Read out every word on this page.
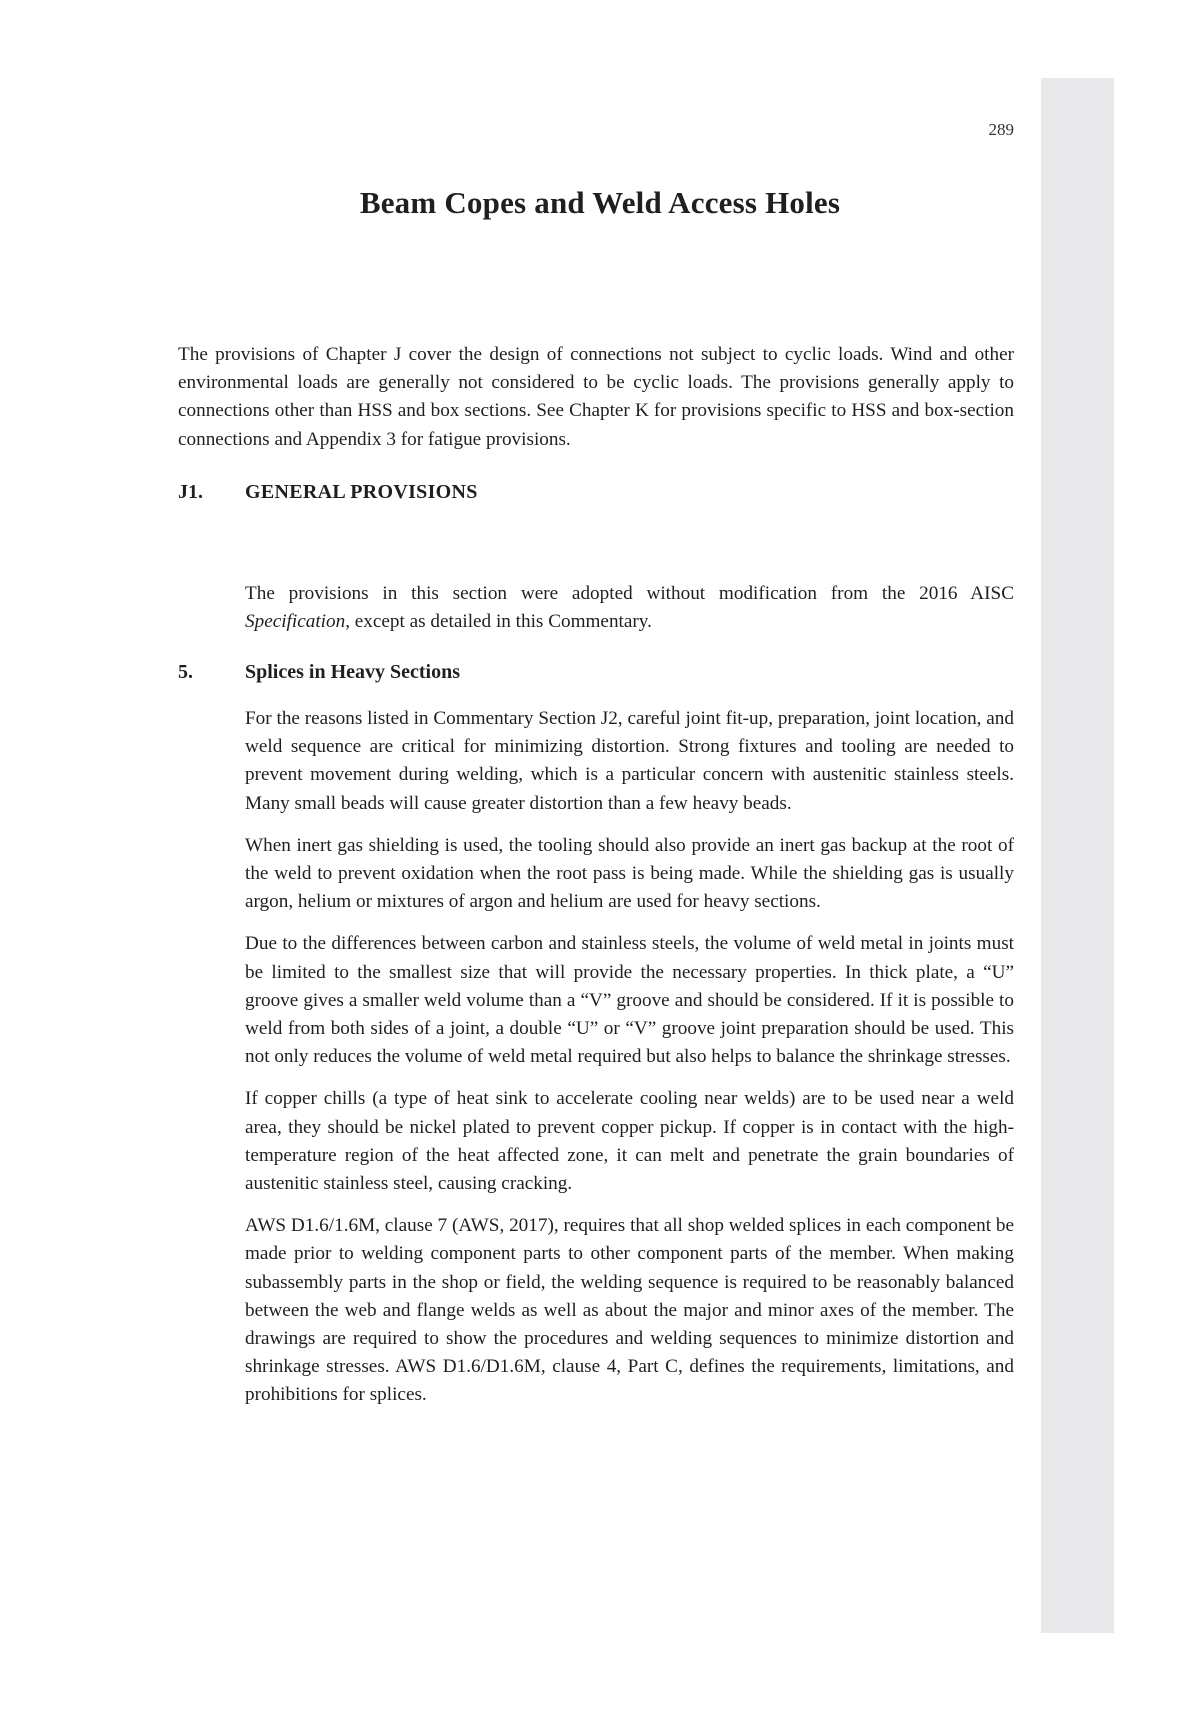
289
Beam Copes and Weld Access Holes

The provisions of Chapter J cover the design of connections not subject to cyclic loads. Wind and other environmental loads are generally not considered to be cyclic loads. The provisions generally apply to connections other than HSS and box sections. See Chapter K for provisions specific to HSS and box-section connections and Appendix 3 for fatigue provisions.

J1. GENERAL PROVISIONS

The provisions in this section were adopted without modification from the 2016 AISC Specification, except as detailed in this Commentary.

5.	Splices in Heavy Sections

For the reasons listed in Commentary Section J2, careful joint fit-up, preparation, joint location, and weld sequence are critical for minimizing distortion. Strong fixtures and tooling are needed to prevent movement during welding, which is a particular concern with austenitic stainless steels. Many small beads will cause greater distortion than a few heavy beads.

When inert gas shielding is used, the tooling should also provide an inert gas backup at the root of the weld to prevent oxidation when the root pass is being made. While the shielding gas is usually argon, helium or mixtures of argon and helium are used for heavy sections.

Due to the differences between carbon and stainless steels, the volume of weld metal in joints must be limited to the smallest size that will provide the necessary properties. In thick plate, a “U” groove gives a smaller weld volume than a “V” groove and should be considered. If it is possible to weld from both sides of a joint, a double “U” or “V” groove joint preparation should be used. This not only reduces the volume of weld metal required but also helps to balance the shrinkage stresses.

If copper chills (a type of heat sink to accelerate cooling near welds) are to be used near a weld area, they should be nickel plated to prevent copper pickup. If copper is in contact with the high-temperature region of the heat affected zone, it can melt and penetrate the grain boundaries of austenitic stainless steel, causing cracking.

AWS D1.6/1.6M, clause 7 (AWS, 2017), requires that all shop welded splices in each component be made prior to welding component parts to other component parts of the member. When making subassembly parts in the shop or field, the welding sequence is required to be reasonably balanced between the web and flange welds as well as about the major and minor axes of the member. The drawings are required to show the procedures and welding sequences to minimize distortion and shrinkage stresses. AWS D1.6/D1.6M, clause 4, Part C, defines the requirements, limitations, and prohibitions for splices.
